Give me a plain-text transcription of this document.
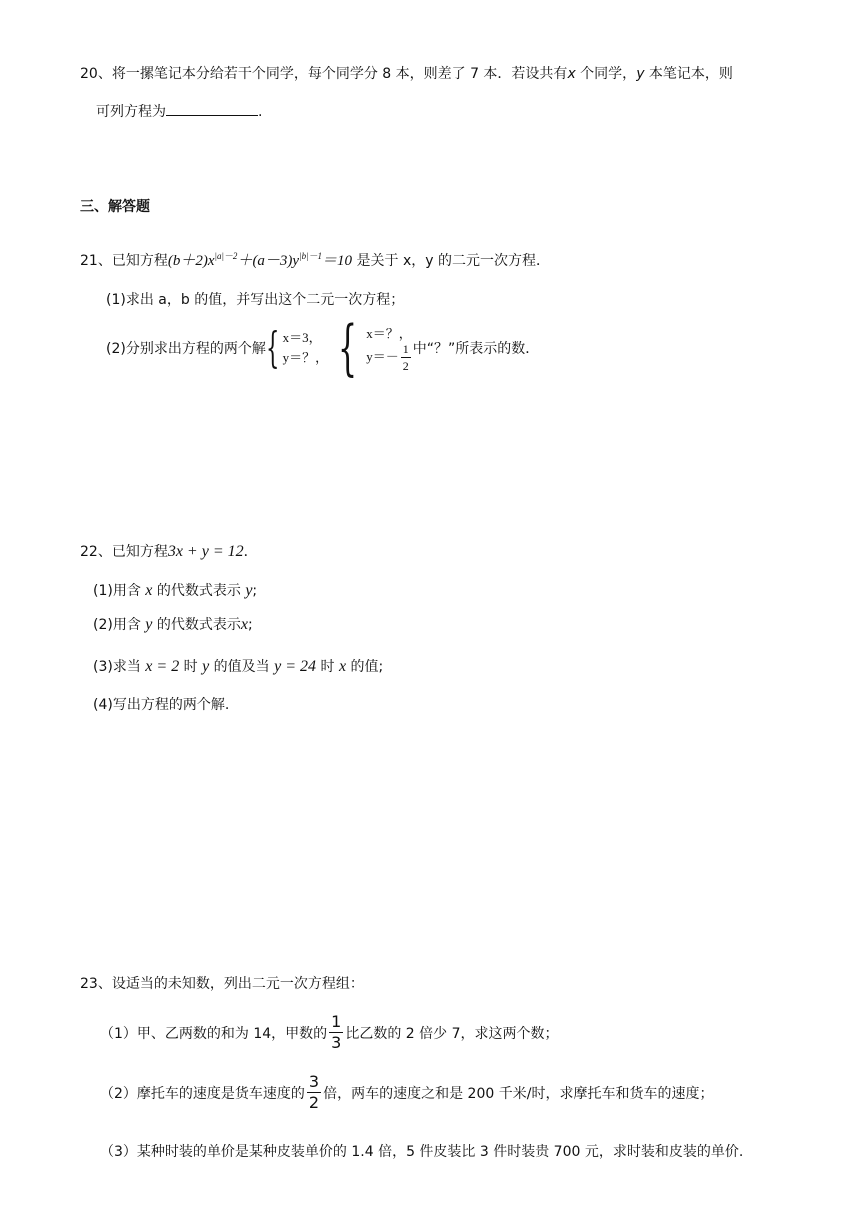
20、将一摞笔记本分给若干个同学，每个同学分 8 本，则差了 7 本．若设共有x 个同学，y 本笔记本，则
可列方程为	.
三、解答题
21、已知方程$(b+2)x^{|a|-2}+(a-3)y^{|b|-1}=10$ 是关于 x，y 的二元一次方程．
(1)求出 a，b 的值，并写出这个二元一次方程；
(2)分别求出方程的两个解 { x＝3，
y＝？， { x＝？，
$y=- \frac{1}{2}$ 中“？”所表示的数．
22、已知方程3x + y = 12．
(1)用含 x 的代数式表示 y;
(2)用含 y 的代数式表示x;
(3)求当 x = 2 时 y 的值及当 y = 24 时 x 的值;
(4)写出方程的两个解.
23、设适当的未知数，列出二元一次方程组：
（1）甲、乙两数的和为 14，甲数的 $\frac{1}{3}$ 比乙数的 2 倍少 7，求这两个数；
（2）摩托车的速度是货车速度的 $\frac{3}{2}$ 倍，两车的速度之和是 200 千米/时，求摩托车和货车的速度；
（3）某种时装的单价是某种皮装单价的 1.4 倍，5 件皮装比 3 件时装贵 700 元，求时装和皮装的单价.
